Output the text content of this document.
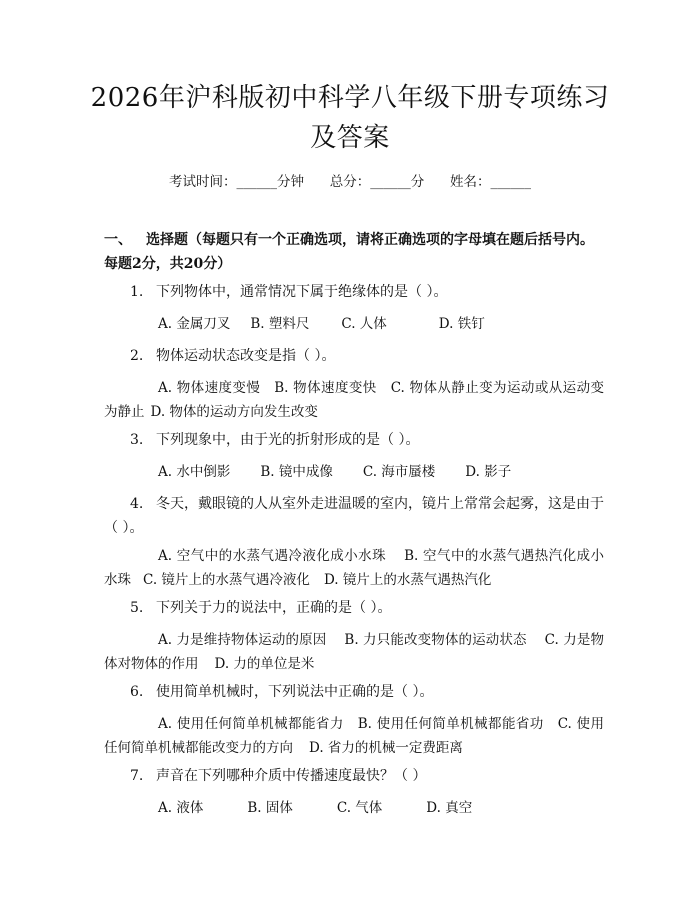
2026年沪科版初中科学八年级下册专项练习
及答案
考试时间：______分钟      总分：______分      姓名：______
一、 选择题（每题只有一个正确选项，请将正确选项的字母填在题后括号内。每题2分，共20分）
1. 下列物体中，通常情况下属于绝缘体的是（ ）。
A. 金属刀叉 B. 塑料尺 C. 人体	D. 铁钉
2. 物体运动状态改变是指（ ）。
A. 物体速度变慢 B. 物体速度变快 C. 物体从静止变为运动或从运动变为静止 D. 物体的运动方向发生改变
3. 下列现象中，由于光的折射形成的是（ ）。
A. 水中倒影 B. 镜中成像 C. 海市蜃楼 D. 影子
4. 冬天，戴眼镜的人从室外走进温暖的室内，镜片上常常会起雾，这是由于（ ）。
A. 空气中的水蒸气遇冷液化成小水珠 B. 空气中的水蒸气遇热汽化成小水珠 C. 镜片上的水蒸气遇冷液化 D. 镜片上的水蒸气遇热汽化
5. 下列关于力的说法中，正确的是（ ）。
A. 力是维持物体运动的原因 B. 力只能改变物体的运动状态 C. 力是物体对物体的作用 D. 力的单位是米
6. 使用简单机械时，下列说法中正确的是（ ）。
A. 使用任何简单机械都能省力 B. 使用任何简单机械都能省功 C. 使用任何简单机械都能改变力的方向 D. 省力的机械一定费距离
7. 声音在下列哪种介质中传播速度最快？（ ）
A. 液体	B. 固体	C. 气体	D. 真空
